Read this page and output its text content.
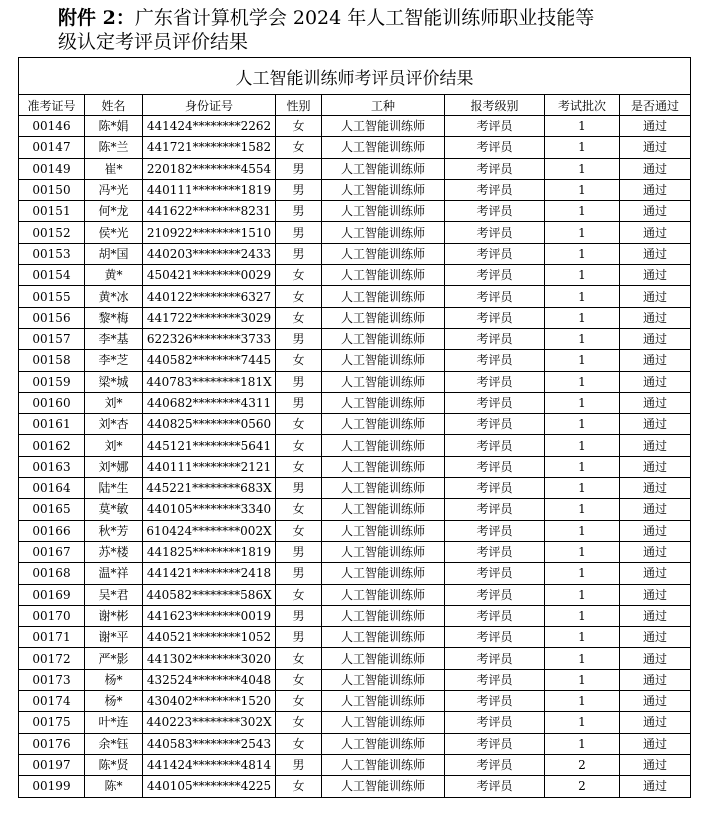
附件 2：广东省计算机学会 2024 年人工智能训练师职业技能等
级认定考评员评价结果
人工智能训练师考评员评价结果							
准考证号	姓名	身份证号	性别	工种	报考级别	考试批次	是否通过
00146	陈*娟	441424********2262	女	人工智能训练师	考评员	1	通过
00147	陈*兰	441721********1582	女	人工智能训练师	考评员	1	通过
00149	崔*	220182********4554	男	人工智能训练师	考评员	1	通过
00150	冯*光	440111********1819	男	人工智能训练师	考评员	1	通过
00151	何*龙	441622********8231	男	人工智能训练师	考评员	1	通过
00152	侯*光	210922********1510	男	人工智能训练师	考评员	1	通过
00153	胡*国	440203********2433	男	人工智能训练师	考评员	1	通过
00154	黄*	450421********0029	女	人工智能训练师	考评员	1	通过
00155	黄*冰	440122********6327	女	人工智能训练师	考评员	1	通过
00156	黎*梅	441722********3029	女	人工智能训练师	考评员	1	通过
00157	李*基	622326********3733	男	人工智能训练师	考评员	1	通过
00158	李*芝	440582********7445	女	人工智能训练师	考评员	1	通过
00159	梁*城	440783********181X	男	人工智能训练师	考评员	1	通过
00160	刘*	440682********4311	男	人工智能训练师	考评员	1	通过
00161	刘*杏	440825********0560	女	人工智能训练师	考评员	1	通过
00162	刘*	445121********5641	女	人工智能训练师	考评员	1	通过
00163	刘*娜	440111********2121	女	人工智能训练师	考评员	1	通过
00164	陆*生	445221********683X	男	人工智能训练师	考评员	1	通过
00165	莫*敏	440105********3340	女	人工智能训练师	考评员	1	通过
00166	秋*芳	610424********002X	女	人工智能训练师	考评员	1	通过
00167	苏*楼	441825********1819	男	人工智能训练师	考评员	1	通过
00168	温*祥	441421********2418	男	人工智能训练师	考评员	1	通过
00169	吴*君	440582********586X	女	人工智能训练师	考评员	1	通过
00170	谢*彬	441623********0019	男	人工智能训练师	考评员	1	通过
00171	谢*平	440521********1052	男	人工智能训练师	考评员	1	通过
00172	严*影	441302********3020	女	人工智能训练师	考评员	1	通过
00173	杨*	432524********4048	女	人工智能训练师	考评员	1	通过
00174	杨*	430402********1520	女	人工智能训练师	考评员	1	通过
00175	叶*连	440223********302X	女	人工智能训练师	考评员	1	通过
00176	余*钰	440583********2543	女	人工智能训练师	考评员	1	通过
00197	陈*贤	441424********4814	男	人工智能训练师	考评员	2	通过
00199	陈*	440105********4225	女	人工智能训练师	考评员	2	通过
